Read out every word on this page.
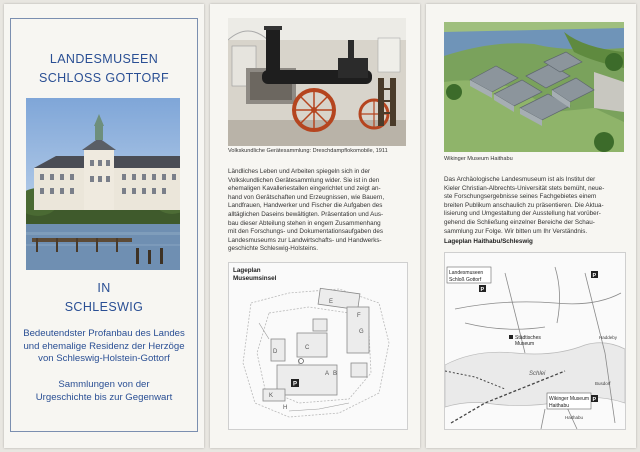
LANDESMUSEEN
SCHLOSS GOTTORF
IN
SCHLESWIG
Bedeutendster Profanbau des Landes
und ehemalige Residenz der Herzöge
von Schleswig-Holstein-Gottorf
Sammlungen von der
Urgeschichte bis zur Gegenwart
Volkskundliche Gerätesammlung: Dreschdampflokomobile, 1911
Ländliches Leben und Arbeiten spiegeln sich in der
Volkskundlichen Gerätesammlung wider. Sie ist in den
ehemaligen Kavalleriestallen eingerichtet und zeigt an-
hand von Gerätschaften und Erzeugnissen, wie Bauern,
Landfrauen, Handwerker und Fischer die Aufgaben des
alltäglichen Daseins bewältigten. Präsentation und Aus-
bau dieser Abteilung stehen in engem Zusammenhang
mit den Forschungs- und Dokumentationsaufgaben des
Landesmuseums zur Landwirtschafts- und Handwerks-
geschichte Schleswig-Holsteins.
Lageplan
Museumsinsel
E
F
G
C
A B
D
H
K
P
Wikinger Museum Haithabu
Das Archäologische Landesmuseum ist als Institut der
Kieler Christian-Albrechts-Universität stets bemüht, neue-
ste Forschungsergebnisse seines Fachgebietes einem
breiten Publikum anschaulich zu präsentieren. Die Aktua-
lisierung und Umgestaltung der Ausstellung hat vorüber-
gehend die Schließung einzelner Bereiche der Schau-
sammlung zur Folge. Wir bitten um Ihr Verständnis.
Lageplan Haithabu/Schleswig
Landesmuseen
Schloß Gottorf
P
P
Städtisches
Museum
Schlei
Haddeby
Wikinger Museum
Haithabu
P
Busdorf
Haithabu
